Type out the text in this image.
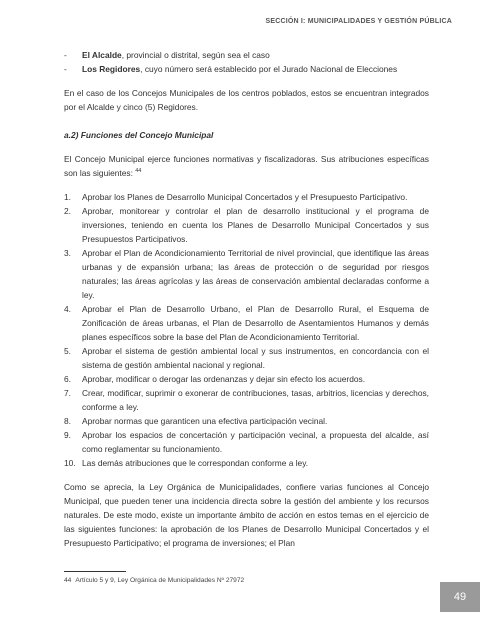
SECCIÓN I: MUNICIPALIDADES Y GESTIÓN PÚBLICA
- El Alcalde, provincial o distrital, según sea el caso
- Los Regidores, cuyo número será establecido por el Jurado Nacional de Elecciones

En el caso de los Concejos Municipales de los centros poblados, estos se encuentran integrados por el Alcalde y cinco (5) Regidores.

a.2) Funciones del Concejo Municipal

El Concejo Municipal ejerce funciones normativas y fiscalizadoras. Sus atribuciones específicas son las siguientes: $^{44}$

1. Aprobar los Planes de Desarrollo Municipal Concertados y el Presupuesto Participativo.
2. Aprobar, monitorear y controlar el plan de desarrollo institucional y el programa de inversiones, teniendo en cuenta los Planes de Desarrollo Municipal Concertados y sus Presupuestos Participativos.
3. Aprobar el Plan de Acondicionamiento Territorial de nivel provincial, que identifique las áreas urbanas y de expansión urbana; las áreas de protección o de seguridad por riesgos naturales; las áreas agrícolas y las áreas de conservación ambiental declaradas conforme a ley.
4. Aprobar el Plan de Desarrollo Urbano, el Plan de Desarrollo Rural, el Esquema de Zonificación de áreas urbanas, el Plan de Desarrollo de Asentamientos Humanos y demás planes específicos sobre la base del Plan de Acondicionamiento Territorial.
5. Aprobar el sistema de gestión ambiental local y sus instrumentos, en concordancia con el sistema de gestión ambiental nacional y regional.
6. Aprobar, modificar o derogar las ordenanzas y dejar sin efecto los acuerdos.
7. Crear, modificar, suprimir o exonerar de contribuciones, tasas, arbitrios, licencias y derechos, conforme a ley.
8. Aprobar normas que garanticen una efectiva participación vecinal.
9. Aprobar los espacios de concertación y participación vecinal, a propuesta del alcalde, así como reglamentar su funcionamiento.
10. Las demás atribuciones que le correspondan conforme a ley.

Como se aprecia, la Ley Orgánica de Municipalidades, confiere varias funciones al Concejo Municipal, que pueden tener una incidencia directa sobre la gestión del ambiente y los recursos naturales. De este modo, existe un importante ámbito de acción en estos temas en el ejercicio de las siguientes funciones: la aprobación de los Planes de Desarrollo Municipal Concertados y el Presupuesto Participativo; el programa de inversiones; el Plan

44 Artículo 5 y 9, Ley Orgánica de Municipalidades Nº 27972
49
